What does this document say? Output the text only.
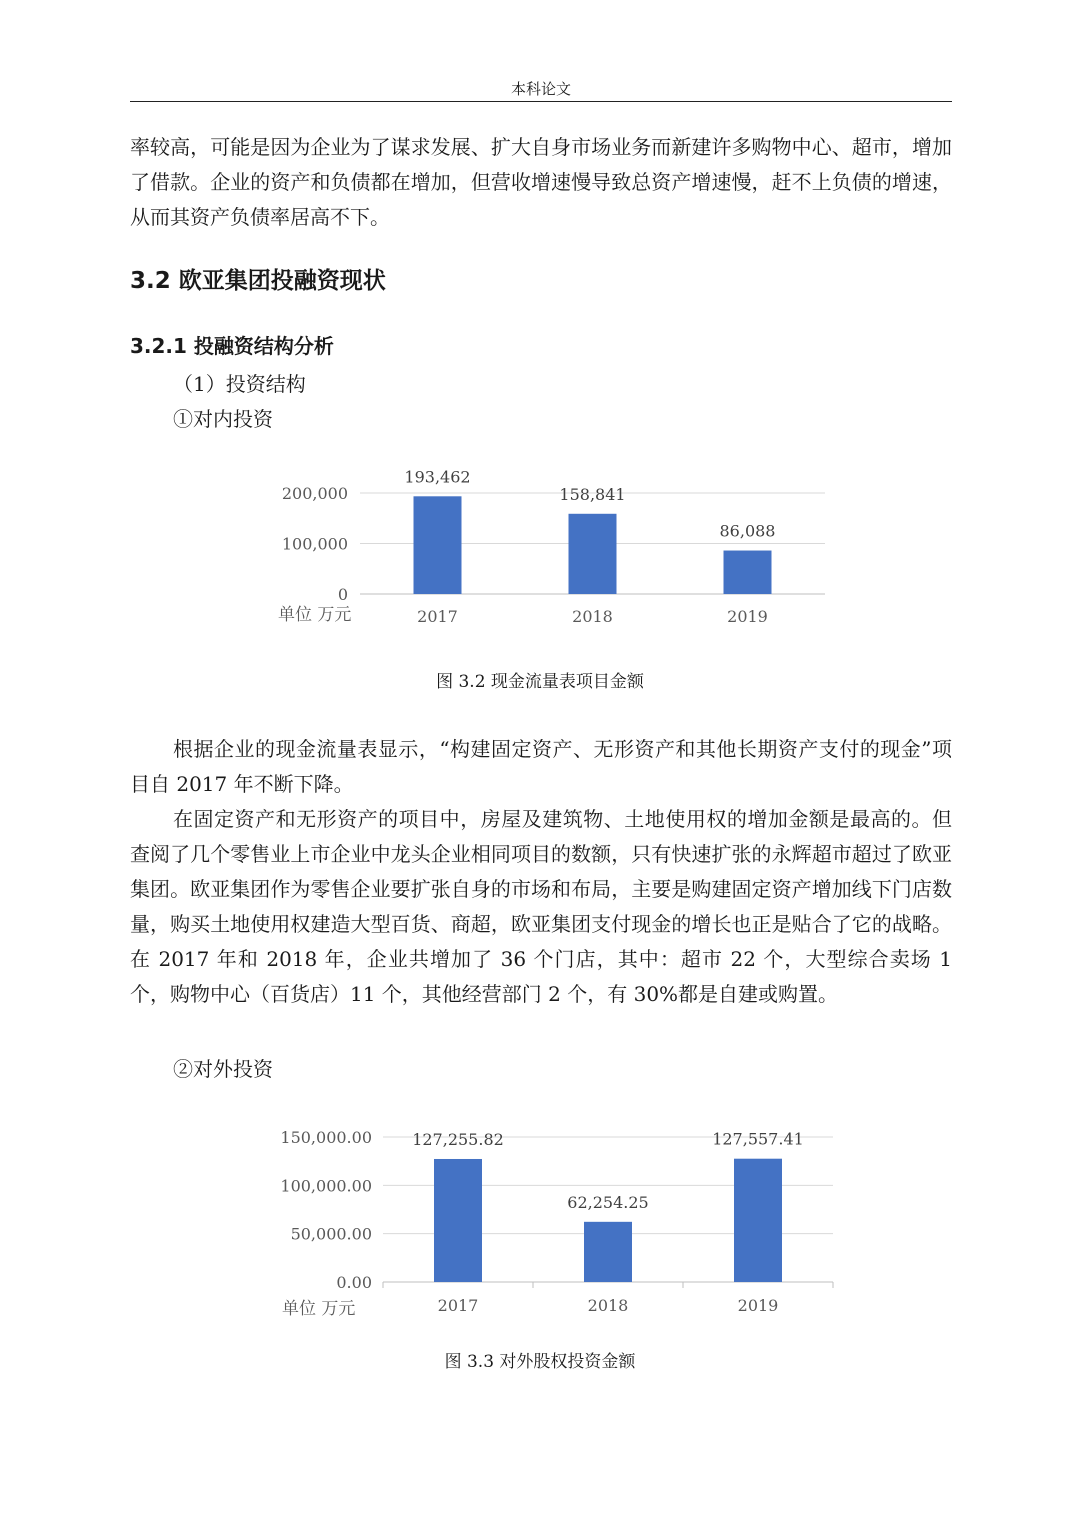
本科论文

率较高，可能是因为企业为了谋求发展、扩大自身市场业务而新建许多购物中心、超市，增加了借款。企业的资产和负债都在增加，但营收增速慢导致总资产增速慢，赶不上负债的增速，从而其资产负债率居高不下。

3.2 欧亚集团投融资现状
3.2.1 投融资结构分析

（1）投资结构

①对内投资

0
100,000
200,000
193,462
2017
158,841
2018
86,088
2019
单位 万元
图 3.2 现金流量表项目金额

根据企业的现金流量表显示，“构建固定资产、无形资产和其他长期资产支付的现金”项目自 2017 年不断下降。

在固定资产和无形资产的项目中，房屋及建筑物、土地使用权的增加金额是最高的。但查阅了几个零售业上市企业中龙头企业相同项目的数额，只有快速扩张的永辉超市超过了欧亚集团。欧亚集团作为零售企业要扩张自身的市场和布局，主要是购建固定资产增加线下门店数量，购买土地使用权建造大型百货、商超，欧亚集团支付现金的增长也正是贴合了它的战略。在 2017 年和 2018 年，企业共增加了 36 个门店，其中：超市 22 个，大型综合卖场 1 个，购物中心（百货店）11 个，其他经营部门 2 个，有 30%都是自建或购置。

②对外投资

0.00
50,000.00
100,000.00
150,000.00	127,255.82
2017
62,254.25
2018
127,557.41
2019
单位 万元
图 3.3 对外股权投资金额
